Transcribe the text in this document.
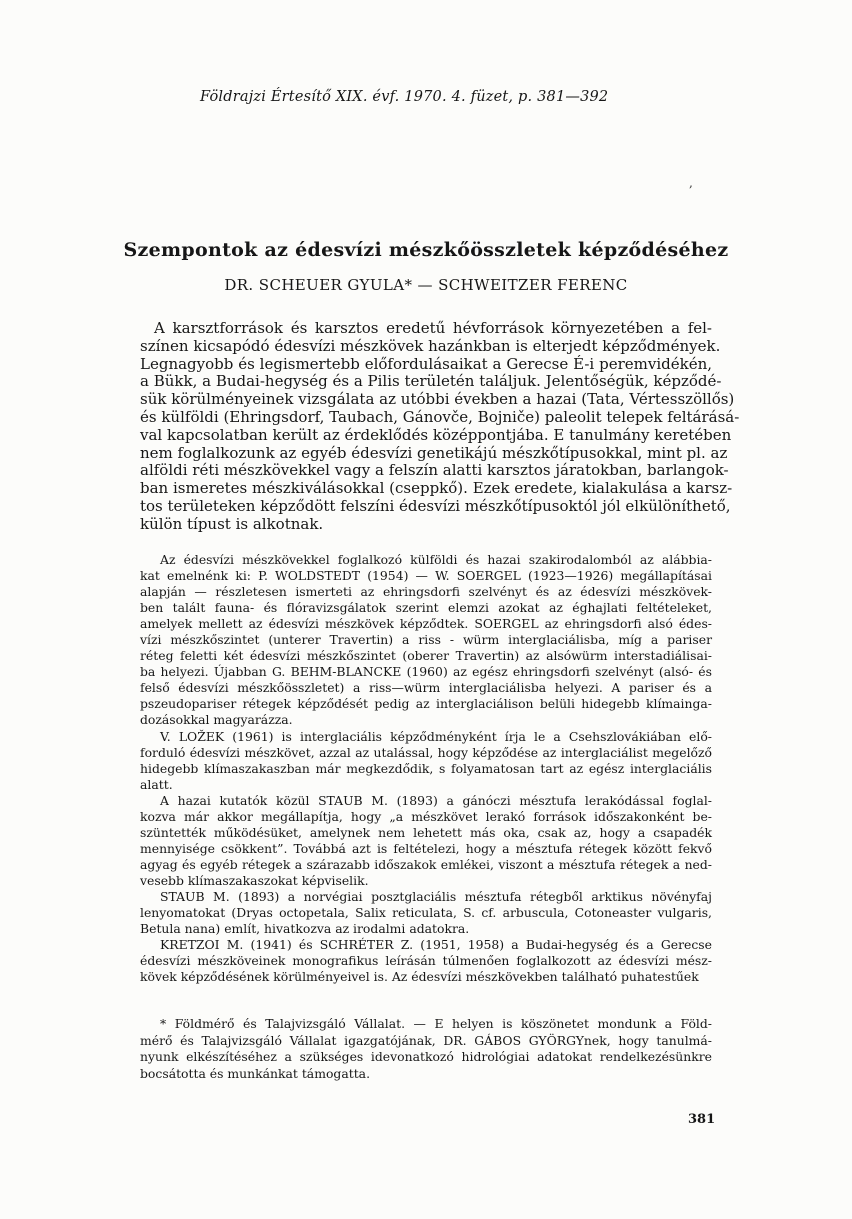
Földrajzi Értesítő XIX. évf. 1970. 4. füzet, p. 381—392
,
Szempontok az édesvízi mészkőösszletek képződéséhez
DR. SCHEUER GYULA* — SCHWEITZER FERENC
A karsztforrások és karsztos eredetű hévforrások környezetében a fel-
színen kicsapódó édesvízi mészkövek hazánkban is elterjedt képződmények.
Legnagyobb és legismertebb előfordulásaikat a Gerecse É-i peremvidékén,
a Bükk, a Budai-hegység és a Pilis területén találjuk. Jelentőségük, képződé-
sük körülményeinek vizsgálata az utóbbi években a hazai (Tata, Vértesszöllős)
és külföldi (Ehringsdorf, Taubach, Gánovče, Bojniče) paleolit telepek feltárásá-
val kapcsolatban került az érdeklődés középpontjába. E tanulmány keretében
nem foglalkozunk az egyéb édesvízi genetikájú mészkőtípusokkal, mint pl. az
alföldi réti mészkövekkel vagy a felszín alatti karsztos járatokban, barlangok-
ban ismeretes mészkiválásokkal (cseppkő). Ezek eredete, kialakulása a karsz-
tos területeken képződött felszíni édesvízi mészkőtípusoktól jól elkülöníthető,
külön típust is alkotnak.
Az édesvízi mészkövekkel foglalkozó külföldi és hazai szakirodalomból az alábbia-
kat emelnénk ki: P. WOLDSTEDT (1954) — W. SOERGEL (1923—1926) megállapításai
alapján — részletesen ismerteti az ehringsdorfi szelvényt és az édesvízi mészkövek-
ben talált fauna- és flóravizsgálatok szerint elemzi azokat az éghajlati feltételeket,
amelyek mellett az édesvízi mészkövek képződtek. SOERGEL az ehringsdorfi alsó édes-
vízi mészkőszintet (unterer Travertin) a riss - würm interglaciálisba, míg a pariser
réteg feletti két édesvízi mészkőszintet (oberer Travertin) az alsówürm interstadiálisai-
ba helyezi. Újabban G. BEHM-BLANCKE (1960) az egész ehringsdorfi szelvényt (alsó- és
felső édesvízi mészkőösszletet) a riss—würm interglaciálisba helyezi. A pariser és a
pszeudopariser rétegek képződését pedig az interglaciálison belüli hidegebb klímainga-
dozásokkal magyarázza.
V. LOŽEK (1961) is interglaciális képződményként írja le a Csehszlovákiában elő-
forduló édesvízi mészkövet, azzal az utalással, hogy képződése az interglaciálist megelőző
hidegebb klímaszakaszban már megkezdődik, s folyamatosan tart az egész interglaciális
alatt.
A hazai kutatók közül STAUB M. (1893) a gánóczi mésztufa lerakódással foglal-
kozva már akkor megállapítja, hogy „a mészkövet lerakó források időszakonként be-
szüntették működésüket, amelynek nem lehetett más oka, csak az, hogy a csapadék
mennyisége csökkent”. Továbbá azt is feltételezi, hogy a mésztufa rétegek között fekvő
agyag és egyéb rétegek a szárazabb időszakok emlékei, viszont a mésztufa rétegek a ned-
vesebb klímaszakaszokat képviselik.
STAUB M. (1893) a norvégiai posztglaciális mésztufa rétegből arktikus növényfaj
lenyomatokat (Dryas octopetala, Salix reticulata, S. cf. arbuscula, Cotoneaster vulgaris,
Betula nana) említ, hivatkozva az irodalmi adatokra.
KRETZOI M. (1941) és SCHRÉTER Z. (1951, 1958) a Budai-hegység és a Gerecse
édesvízi mészköveinek monografikus leírásán túlmenően foglalkozott az édesvízi mész-
kövek képződésének körülményeivel is. Az édesvízi mészkövekben található puhatestűek
* Földmérő és Talajvizsgáló Vállalat. — E helyen is köszönetet mondunk a Föld-
mérő és Talajvizsgáló Vállalat igazgatójának, DR. GÁBOS GYÖRGYnek, hogy tanulmá-
nyunk elkészítéséhez a szükséges idevonatkozó hidrológiai adatokat rendelkezésünkre
bocsátotta és munkánkat támogatta.
381
